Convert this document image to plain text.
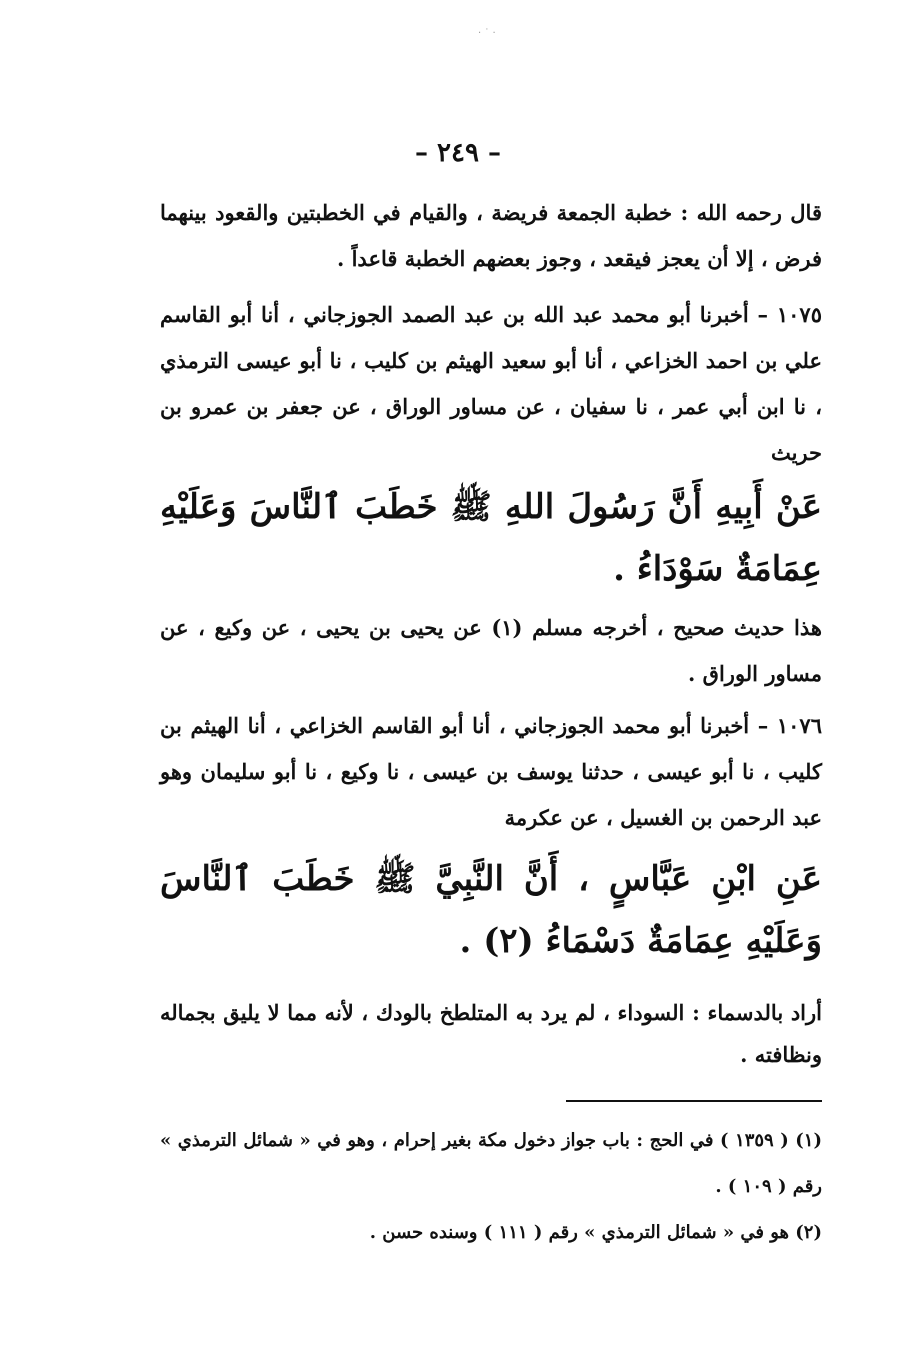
‧ ˙ ‧
– ٢٤٩ –

قال رحمه الله : خطبة الجمعة فريضة ، والقيام في الخطبتين والقعود بينهما فرض ، إلا أن يعجز فيقعد ، وجوز بعضهم الخطبة قاعداً .

١٠٧٥ – أخبرنا أبو محمد عبد الله بن عبد الصمد الجوزجاني ، أنا أبو القاسم علي بن احمد الخزاعي ، أنا أبو سعيد الهيثم بن كليب ، نا أبو عيسى الترمذي ، نا ابن أبي عمر ، نا سفيان ، عن مساور الوراق ، عن جعفر بن عمرو بن حريث

عَنْ أَبِيهِ أَنَّ رَسُولَ اللهِ ﷺ خَطَبَ ٱلنَّاسَ وَعَلَيْهِ عِمَامَةٌ سَوْدَاءُ .

هذا حديث صحيح ، أخرجه مسلم (١) عن يحيى بن يحيى ، عن وكيع ، عن مساور الوراق .

١٠٧٦ – أخبرنا أبو محمد الجوزجاني ، أنا أبو القاسم الخزاعي ، أنا الهيثم بن كليب ، نا أبو عيسى ، حدثنا يوسف بن عيسى ، نا وكيع ، نا أبو سليمان وهو عبد الرحمن بن الغسيل ، عن عكرمة

عَنِ ابْنِ عَبَّاسٍ ، أَنَّ النَّبِيَّ ﷺ خَطَبَ ٱلنَّاسَ وَعَلَيْهِ عِمَامَةٌ دَسْمَاءُ (٢) .

أراد بالدسماء : السوداء ، لم يرد به المتلطخ بالودك ، لأنه مما لا يليق بجماله ونظافته .

(١) ( ١٣٥٩ ) في الحج : باب جواز دخول مكة بغير إحرام ، وهو في « شمائل الترمذي » رقم ( ١٠٩ ) .

(٢) هو في « شمائل الترمذي » رقم ( ١١١ ) وسنده حسن .
